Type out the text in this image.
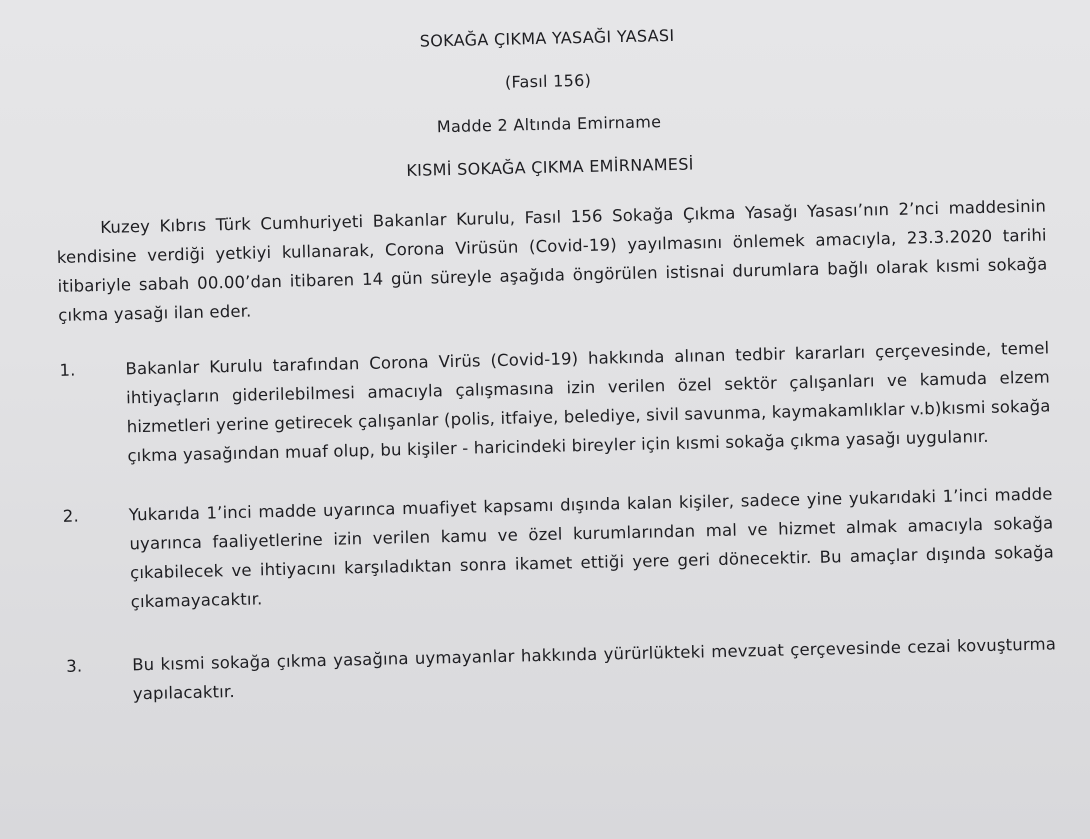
SOKAĞA ÇIKMA YASAĞI YASASI

(Fasıl 156)

Madde 2 Altında Emirname

KISMİ SOKAĞA ÇIKMA EMİRNAMESİ

Kuzey Kıbrıs Türk Cumhuriyeti Bakanlar Kurulu, Fasıl 156 Sokağa Çıkma Yasağı Yasası’nın 2’nci maddesinin kendisine verdiği yetkiyi kullanarak, Corona Virüsün (Covid-19) yayılmasını önlemek amacıyla, 23.3.2020 tarihi itibariyle sabah 00.00’dan itibaren 14 gün süreyle aşağıda öngörülen istisnai durumlara bağlı olarak kısmi sokağa çıkma yasağı ilan eder.

1.	Bakanlar Kurulu tarafından Corona Virüs (Covid-19) hakkında alınan tedbir kararları çerçevesinde, temel ihtiyaçların giderilebilmesi amacıyla çalışmasına izin verilen özel sektör çalışanları ve kamuda elzem hizmetleri yerine getirecek çalışanlar (polis, itfaiye, belediye, sivil savunma, kaymakamlıklar v.b)kısmi sokağa çıkma yasağından muaf olup, bu kişiler - haricindeki bireyler için kısmi sokağa çıkma yasağı uygulanır.
2.	Yukarıda 1’inci madde uyarınca muafiyet kapsamı dışında kalan kişiler, sadece yine yukarıdaki 1’inci madde uyarınca faaliyetlerine izin verilen kamu ve özel kurumlarından mal ve hizmet almak amacıyla sokağa çıkabilecek ve ihtiyacını karşıladıktan sonra ikamet ettiği yere geri dönecektir. Bu amaçlar dışında sokağa çıkamayacaktır.
3.	Bu kısmi sokağa çıkma yasağına uymayanlar hakkında yürürlükteki mevzuat çerçevesinde cezai kovuşturma yapılacaktır.
